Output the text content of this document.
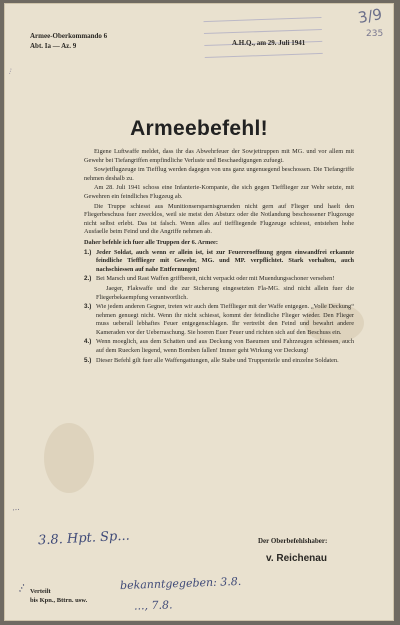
3/9
235
...
Armee-Oberkommando 6
Abt. Ia — Az. 9	A.H.Q., am 29. Juli 1941
Armeebefehl!

Eigene Luftwaffe meldet, dass ihr das Abwehrfeuer der Sowjettruppen mit MG. und vor allem mit Gewehr bei Tiefangriffen empfindliche Verluste und Beschaedigungen zufuegt.

Sowjetflugzeuge im Tiefflug werden dagegen von uns ganz ungenuegend beschossen. Die Tiefangriffe nehmen deshalb zu.

Am 28. Juli 1941 schoss eine Infanterie-Kompanie, die sich gegen Tiefflieger zur Wehr setzte, mit Gewehren ein feindliches Flugzeug ab.

Die Truppe schiesst aus Munitionsersparnisgruenden nicht gern auf Flieger und haelt den Fliegerbeschuss fuer zwecklos, weil sie meist den Absturz oder die Notlandung beschossener Flugzeuge nicht selbst erlebt. Das ist falsch. Wenn alles auf tieffliegende Flugzeuge schiesst, entstehen hohe Ausfaelle beim Feind und die Angriffe nehmen ab.

Daher befehle ich fuer alle Truppen der 6. Armee:

1.) Jeder Soldat, auch wenn er allein ist, ist zur Feuereroeffnung gegen einwandfrei erkannte feindliche Tiefflieger mit Gewehr, MG. und MP. verpflichtet. Stark vorhalten, auch nachschiessen auf nahe Entfernungen!
2.) Bei Marsch und Rast Waffen griffbereit, nicht verpackt oder mit Muendungsschoner versehen!
Jaeger, Flakwaffe und die zur Sicherung eingesetzten Fla-MG. sind nicht allein fuer die Fliegerbekaempfung verantwortlich.
3.) Wie jedem anderen Gegner, treten wir auch dem Tiefflieger mit der Waffe entgegen. „Volle Deckung“ nehmen genuegt nicht. Wenn ihr nicht schiesst, kommt der feindliche Flieger wieder. Den Flieger muss ueberall lebhaftes Feuer entgegenschlagen. Ihr vertreibt den Feind und bewahrt andere Kameraden vor der Ueberraschung. Sie hoeren Euer Feuer und richten sich auf den Beschuss ein.
4.) Wenn moeglich, aus dem Schatten und aus Deckung von Baeumen und Fahrzeugen schiessen, auch auf dem Ruecken liegend, wenn Bomben fallen! Immer geht Wirkung vor Deckung!
5.) Dieser Befehl gilt fuer alle Waffengattungen, alle Stabe und Truppenteile und einzelne Soldaten.
Der Oberbefehlshaber:
v. Reichenau
Verteilt
bis Kpn., Bttrn. usw.
3.8. Hpt. Sp...
bekanntgegeben: 3.8.
..., 7.8.
...
...
